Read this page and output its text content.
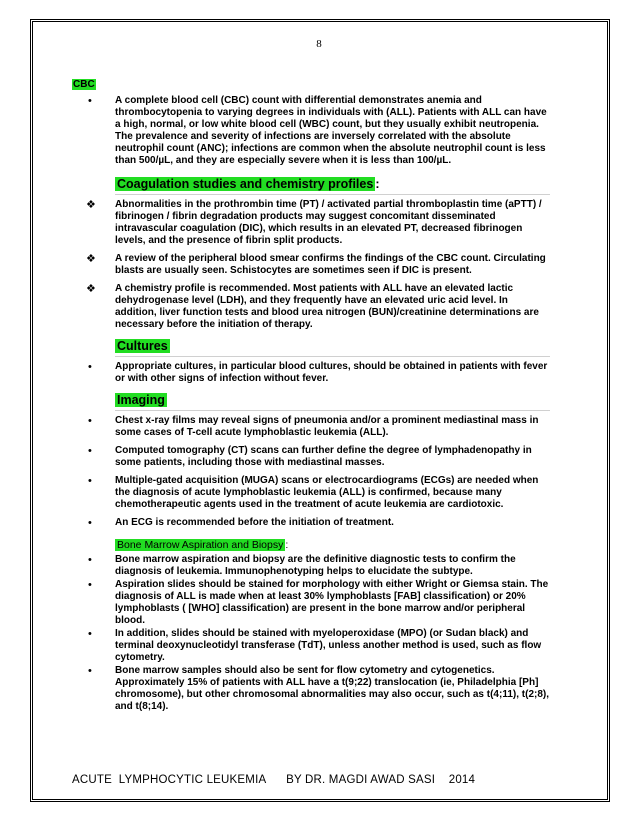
8
CBC
• A complete blood cell (CBC) count with differential demonstrates anemia and thrombocytopenia to varying degrees in individuals with (ALL). Patients with ALL can have a high, normal, or low white blood cell (WBC) count, but they usually exhibit neutropenia. The prevalence and severity of infections are inversely correlated with the absolute neutrophil count (ANC); infections are common when the absolute neutrophil count is less than 500/µL, and they are especially severe when it is less than 100/µL.
Coagulation studies and chemistry profiles :
❖ Abnormalities in the prothrombin time (PT) / activated partial thromboplastin time (aPTT) / fibrinogen / fibrin degradation products may suggest concomitant disseminated intravascular coagulation (DIC), which results in an elevated PT, decreased fibrinogen levels, and the presence of fibrin split products.
❖ A review of the peripheral blood smear confirms the findings of the CBC count. Circulating blasts are usually seen. Schistocytes are sometimes seen if DIC is present.
❖ A chemistry profile is recommended. Most patients with ALL have an elevated lactic dehydrogenase level (LDH), and they frequently have an elevated uric acid level. In addition, liver function tests and blood urea nitrogen (BUN)/creatinine determinations are necessary before the initiation of therapy.
Cultures
• Appropriate cultures, in particular blood cultures, should be obtained in patients with fever or with other signs of infection without fever.
Imaging
• Chest x-ray films may reveal signs of pneumonia and/or a prominent mediastinal mass in some cases of T-cell acute lymphoblastic leukemia (ALL).
• Computed tomography (CT) scans can further define the degree of lymphadenopathy in some patients, including those with mediastinal masses.
• Multiple-gated acquisition (MUGA) scans or electrocardiograms (ECGs) are needed when the diagnosis of acute lymphoblastic leukemia (ALL) is confirmed, because many chemotherapeutic agents used in the treatment of acute leukemia are cardiotoxic.
• An ECG is recommended before the initiation of treatment.
Bone Marrow Aspiration and Biopsy :
• Bone marrow aspiration and biopsy are the definitive diagnostic tests to confirm the diagnosis of leukemia. Immunophenotyping helps to elucidate the subtype.
• Aspiration slides should be stained for morphology with either Wright or Giemsa stain. The diagnosis of ALL is made when at least 30% lymphoblasts [FAB] classification) or 20% lymphoblasts ( [WHO] classification) are present in the bone marrow and/or peripheral blood.
• In addition, slides should be stained with myeloperoxidase (MPO) (or Sudan black) and terminal deoxynucleotidyl transferase (TdT), unless another method is used, such as flow cytometry.
• Bone marrow samples should also be sent for flow cytometry and cytogenetics. Approximately 15% of patients with ALL have a t(9;22) translocation (ie, Philadelphia [Ph] chromosome), but other chromosomal abnormalities may also occur, such as t(4;11), t(2;8), and t(8;14).
ACUTE  LYMPHOCYTIC LEUKEMIA BY DR. MAGDI AWAD SASI 2014
